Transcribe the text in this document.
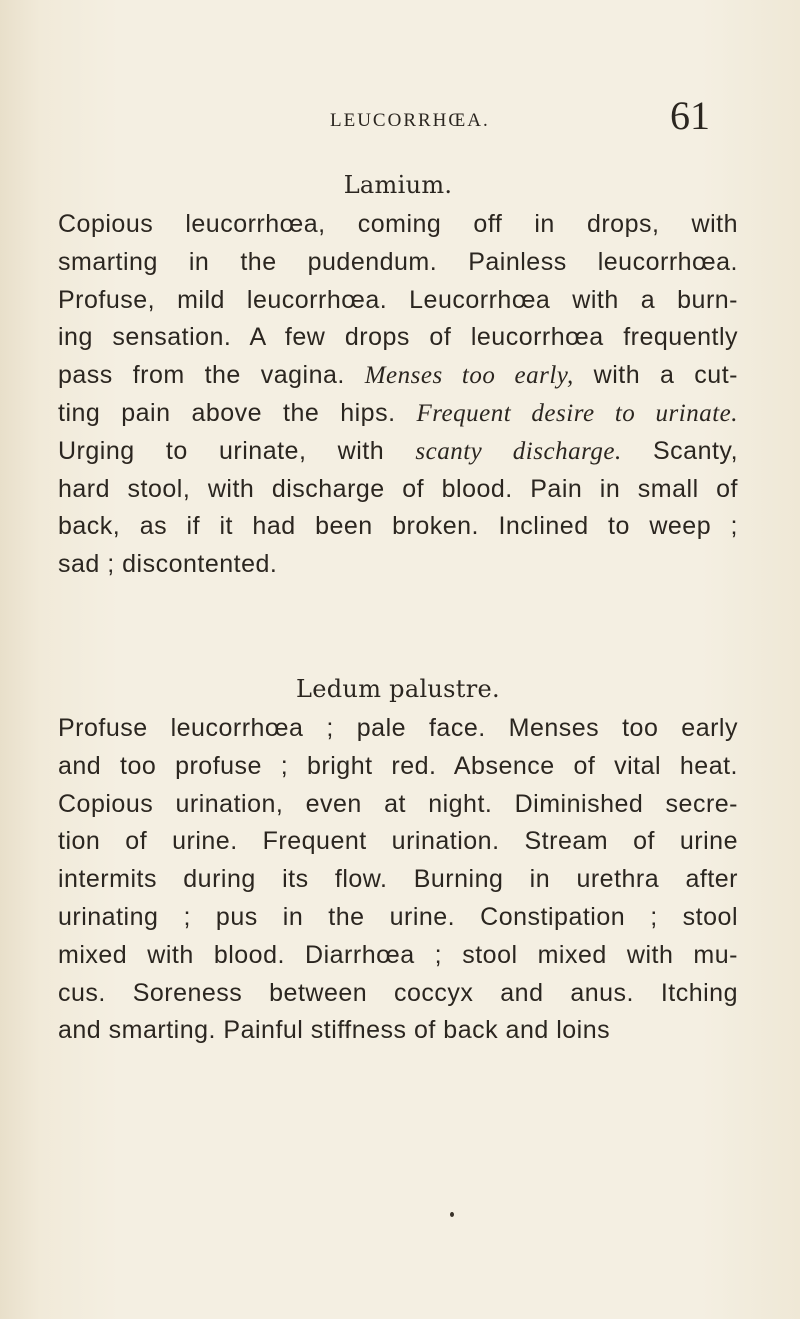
LEUCORRHŒA.	61
Lamium.
Copious leucorrhœa, coming off in drops, with
smarting in the pudendum. Painless leucorrhœa.
Profuse, mild leucorrhœa. Leucorrhœa with a burn-
ing sensation. A few drops of leucorrhœa frequently
pass from the vagina. Menses too early, with a cut-
ting pain above the hips. Frequent desire to urinate.
Urging to urinate, with scanty discharge. Scanty,
hard stool, with discharge of blood. Pain in small of
back, as if it had been broken. Inclined to weep ;
sad ; discontented.
Ledum palustre.
Profuse leucorrhœa ; pale face. Menses too early
and too profuse ; bright red. Absence of vital heat.
Copious urination, even at night. Diminished secre-
tion of urine. Frequent urination. Stream of urine
intermits during its flow. Burning in urethra after
urinating ; pus in the urine. Constipation ; stool
mixed with blood. Diarrhœa ; stool mixed with mu-
cus. Soreness between coccyx and anus. Itching
and smarting. Painful stiffness of back and loins
